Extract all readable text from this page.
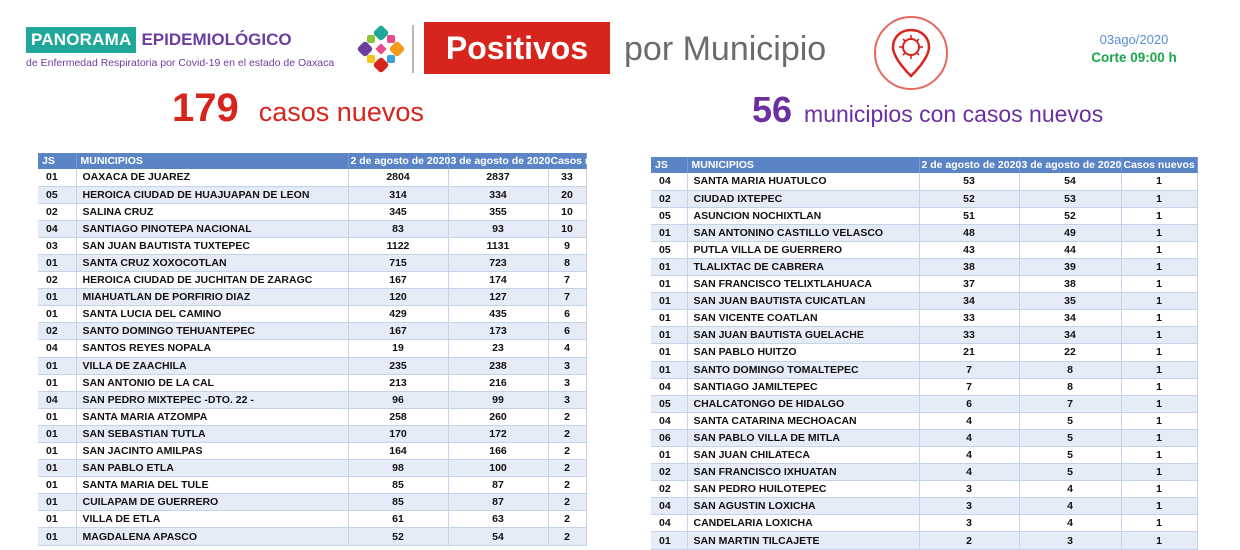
PANORAMA EPIDEMIOLÓGICO
de Enfermedad Respiratoria por Covid-19 en el estado de Oaxaca	Positivos	por Municipio	03ago/2020
Corte 09:00 h
179 casos nuevos	56 municipios con casos nuevos
JS	MUNICIPIOS	2 de agosto de 2020	3 de agosto de 2020	Casos nuevos
01	OAXACA DE JUAREZ	2804	2837	33
05	HEROICA CIUDAD DE HUAJUAPAN DE LEON	314	334	20
02	SALINA CRUZ	345	355	10
04	SANTIAGO PINOTEPA NACIONAL	83	93	10
03	SAN JUAN BAUTISTA TUXTEPEC	1122	1131	9
01	SANTA CRUZ XOXOCOTLAN	715	723	8
02	HEROICA CIUDAD DE JUCHITAN DE ZARAGC	167	174	7
01	MIAHUATLAN DE PORFIRIO DIAZ	120	127	7
01	SANTA LUCIA DEL CAMINO	429	435	6
02	SANTO DOMINGO TEHUANTEPEC	167	173	6
04	SANTOS REYES NOPALA	19	23	4
01	VILLA DE ZAACHILA	235	238	3
01	SAN ANTONIO DE LA CAL	213	216	3
04	SAN PEDRO MIXTEPEC -DTO. 22 -	96	99	3
01	SANTA MARIA ATZOMPA	258	260	2
01	SAN SEBASTIAN TUTLA	170	172	2
01	SAN JACINTO AMILPAS	164	166	2
01	SAN PABLO ETLA	98	100	2
01	SANTA MARIA DEL TULE	85	87	2
01	CUILAPAM DE GUERRERO	85	87	2
01	VILLA DE ETLA	61	63	2
01	MAGDALENA APASCO	52	54	2
JS	MUNICIPIOS	2 de agosto de 2020	3 de agosto de 2020	Casos nuevos
04	SANTA MARIA HUATULCO	53	54	1
02	CIUDAD IXTEPEC	52	53	1
05	ASUNCION NOCHIXTLAN	51	52	1
01	SAN ANTONINO CASTILLO VELASCO	48	49	1
05	PUTLA VILLA DE GUERRERO	43	44	1
01	TLALIXTAC DE CABRERA	38	39	1
01	SAN FRANCISCO TELIXTLAHUACA	37	38	1
01	SAN JUAN BAUTISTA CUICATLAN	34	35	1
01	SAN VICENTE COATLAN	33	34	1
01	SAN JUAN BAUTISTA GUELACHE	33	34	1
01	SAN PABLO HUITZO	21	22	1
01	SANTO DOMINGO TOMALTEPEC	7	8	1
04	SANTIAGO JAMILTEPEC	7	8	1
05	CHALCATONGO DE HIDALGO	6	7	1
04	SANTA CATARINA MECHOACAN	4	5	1
06	SAN PABLO VILLA DE MITLA	4	5	1
01	SAN JUAN CHILATECA	4	5	1
02	SAN FRANCISCO IXHUATAN	4	5	1
02	SAN PEDRO HUILOTEPEC	3	4	1
04	SAN AGUSTIN LOXICHA	3	4	1
04	CANDELARIA LOXICHA	3	4	1
01	SAN MARTIN TILCAJETE	2	3	1
